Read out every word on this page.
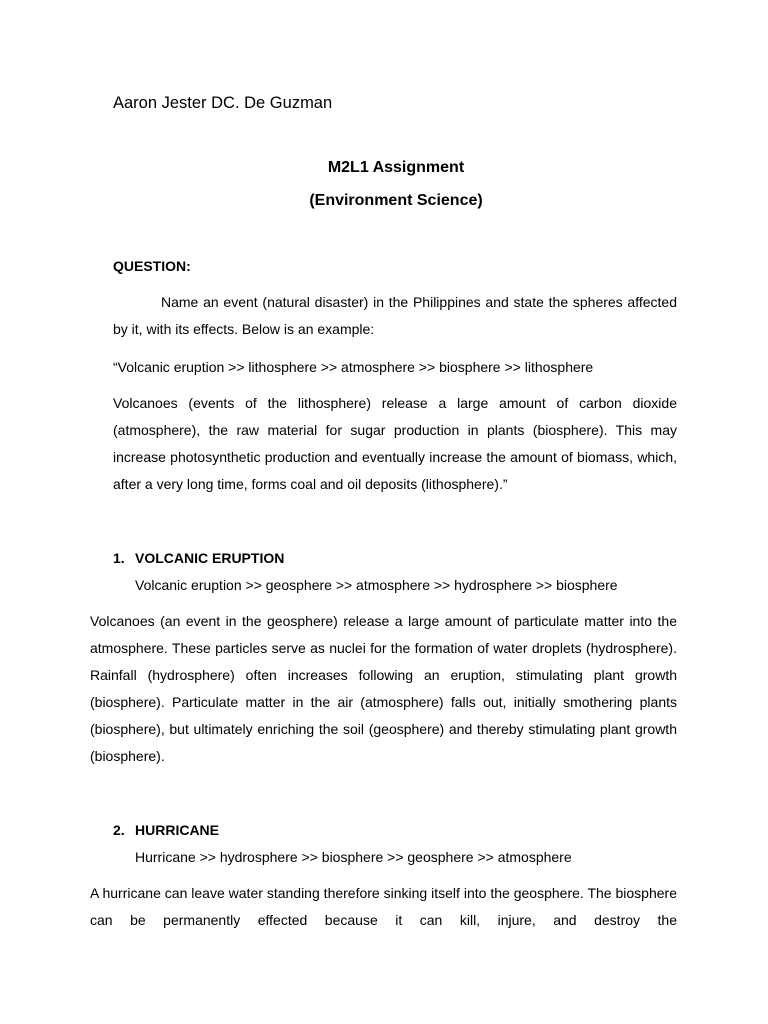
Aaron Jester DC. De Guzman
M2L1 Assignment
(Environment Science)
QUESTION:
Name an event (natural disaster) in the Philippines and state the spheres affected by it, with its effects. Below is an example:
“Volcanic eruption >> lithosphere >> atmosphere >> biosphere >> lithosphere
Volcanoes (events of the lithosphere) release a large amount of carbon dioxide (atmosphere), the raw material for sugar production in plants (biosphere). This may increase photosynthetic production and eventually increase the amount of biomass, which, after a very long time, forms coal and oil deposits (lithosphere).”
1. VOLCANIC ERUPTION
Volcanic eruption >> geosphere >> atmosphere >> hydrosphere >> biosphere
Volcanoes (an event in the geosphere) release a large amount of particulate matter into the atmosphere. These particles serve as nuclei for the formation of water droplets (hydrosphere). Rainfall (hydrosphere) often increases following an eruption, stimulating plant growth (biosphere). Particulate matter in the air (atmosphere) falls out, initially smothering plants (biosphere), but ultimately enriching the soil (geosphere) and thereby stimulating plant growth (biosphere).
2. HURRICANE
Hurricane >> hydrosphere >> biosphere >> geosphere >> atmosphere
A hurricane can leave water standing therefore sinking itself into the geosphere. The biosphere can be permanently effected because it can kill, injure, and destroy the
